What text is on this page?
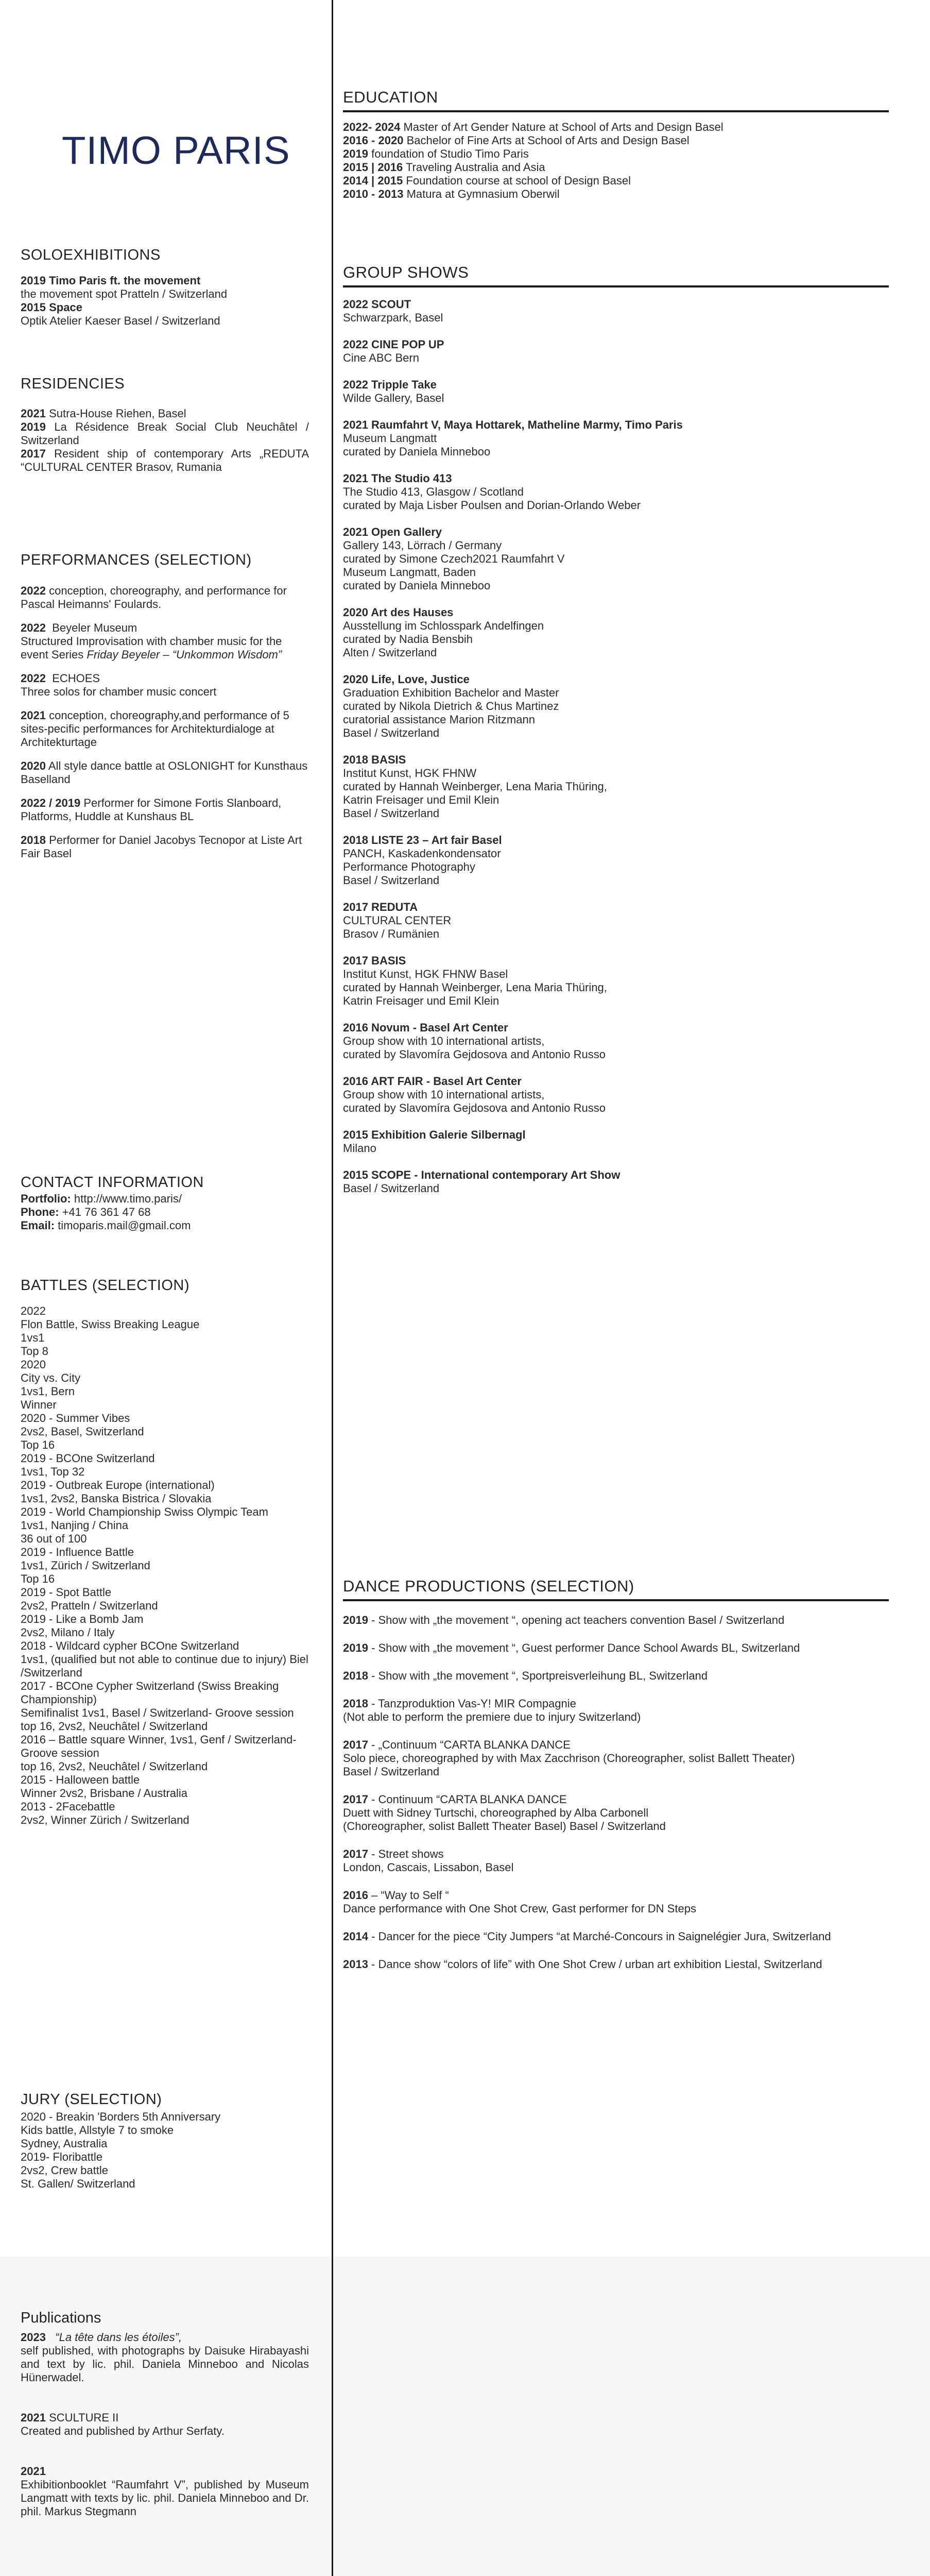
TIMO PARIS
SOLOEXHIBITIONS
2019 Timo Paris ft. the movement
the movement spot Pratteln / Switzerland
2015 Space
Optik Atelier Kaeser Basel / Switzerland
RESIDENCIES
2021 Sutra-House Riehen, Basel
2019 La Résidence Break Social Club Neuchâtel / Switzerland
2017 Resident ship of contemporary Arts „REDUTA “CULTURAL CENTER Brasov, Rumania
PERFORMANCES (SELECTION)
2022 conception, choreography, and performance for Pascal Heimanns' Foulards.
2022 Beyeler Museum
Structured Improvisation with chamber music for the event Series Friday Beyeler – “Unkommon Wisdom”
2022 ECHOES
Three solos for chamber music concert
2021 conception, choreography,and performance of 5 sites-pecific performances for Architekturdialoge at Architekturtage
2020 All style dance battle at OSLONIGHT for Kunsthaus Baselland
2022 / 2019 Performer for Simone Fortis Slanboard, Platforms, Huddle at Kunshaus BL
2018 Performer for Daniel Jacobys Tecnopor at Liste Art Fair Basel
CONTACT INFORMATION
Portfolio: http://www.timo.paris/
Phone: +41 76 361 47 68
Email: timoparis.mail@gmail.com
BATTLES (SELECTION)
2022
Flon Battle, Swiss Breaking League
1vs1
Top 8
2020
City vs. City
1vs1, Bern
Winner
2020 - Summer Vibes
2vs2, Basel, Switzerland
Top 16
2019 - BCOne Switzerland
1vs1, Top 32
2019 - Outbreak Europe (international)
1vs1, 2vs2, Banska Bistrica / Slovakia
2019 - World Championship Swiss Olympic Team
1vs1, Nanjing / China
36 out of 100
2019 - Influence Battle
1vs1, Zürich / Switzerland
Top 16
2019 - Spot Battle
2vs2, Pratteln / Switzerland
2019 - Like a Bomb Jam
2vs2, Milano / Italy
2018 - Wildcard cypher BCOne Switzerland
1vs1, (qualified but not able to continue due to injury) Biel /Switzerland
2017 - BCOne Cypher Switzerland (Swiss Breaking Championship)
Semifinalist 1vs1, Basel / Switzerland- Groove session
top 16, 2vs2, Neuchâtel / Switzerland
2016 – Battle square Winner, 1vs1, Genf / Switzerland- Groove session
top 16, 2vs2, Neuchâtel / Switzerland
2015 - Halloween battle
Winner 2vs2, Brisbane / Australia
2013 - 2Facebattle
2vs2, Winner Zürich / Switzerland
JURY (SELECTION)
2020 - Breakin 'Borders 5th Anniversary
Kids battle, Allstyle 7 to smoke
Sydney, Australia
2019- Floribattle
2vs2, Crew battle
St. Gallen/ Switzerland
Publications
2023 “La tête dans les étoiles”,
self published, with photographs by Daisuke Hirabayashi and text by lic. phil. Daniela Minneboo and Nicolas Hünerwadel.
2021 SCULTURE II
Created and published by Arthur Serfaty.
2021
Exhibitionbooklet “Raumfahrt V”, published by Museum Langmatt with texts by lic. phil. Daniela Minneboo and Dr. phil. Markus Stegmann

EDUCATION
2022- 2024 Master of Art Gender Nature at School of Arts and Design Basel
2016 - 2020 Bachelor of Fine Arts at School of Arts and Design Basel
2019 foundation of Studio Timo Paris
2015 | 2016 Traveling Australia and Asia
2014 | 2015 Foundation course at school of Design Basel
2010 - 2013 Matura at Gymnasium Oberwil
GROUP SHOWS
2022 SCOUT
Schwarzpark, Basel
2022 CINE POP UP
Cine ABC Bern
2022 Tripple Take
Wilde Gallery, Basel
2021 Raumfahrt V, Maya Hottarek, Matheline Marmy, Timo Paris
Museum Langmatt
curated by Daniela Minneboo
2021 The Studio 413
The Studio 413, Glasgow / Scotland
curated by Maja Lisber Poulsen and Dorian-Orlando Weber
2021 Open Gallery
Gallery 143, Lörrach / Germany
curated by Simone Czech2021 Raumfahrt V
Museum Langmatt, Baden
curated by Daniela Minneboo
2020 Art des Hauses
Ausstellung im Schlosspark Andelfingen
curated by Nadia Bensbih
Alten / Switzerland
2020 Life, Love, Justice
Graduation Exhibition Bachelor and Master
curated by Nikola Dietrich & Chus Martinez
curatorial assistance Marion Ritzmann
Basel / Switzerland
2018 BASIS
Institut Kunst, HGK FHNW
curated by Hannah Weinberger, Lena Maria Thüring,
Katrin Freisager und Emil Klein
Basel / Switzerland
2018 LISTE 23 – Art fair Basel
PANCH, Kaskadenkondensator
Performance Photography
Basel / Switzerland
2017 REDUTA
CULTURAL CENTER
Brasov / Rumänien
2017 BASIS
Institut Kunst, HGK FHNW Basel
curated by Hannah Weinberger, Lena Maria Thüring,
Katrin Freisager und Emil Klein
2016 Novum - Basel Art Center
Group show with 10 international artists,
curated by Slavomíra Gejdosova and Antonio Russo
2016 ART FAIR - Basel Art Center
Group show with 10 international artists,
curated by Slavomíra Gejdosova and Antonio Russo
2015 Exhibition Galerie Silbernagl
Milano
2015 SCOPE - International contemporary Art Show
Basel / Switzerland
DANCE PRODUCTIONS (SELECTION)
2019 - Show with „the movement “, opening act teachers convention Basel / Switzerland
2019 - Show with „the movement “, Guest performer Dance School Awards BL, Switzerland
2018 - Show with „the movement “, Sportpreisverleihung BL, Switzerland
2018 - Tanzproduktion Vas-Y! MIR Compagnie
(Not able to perform the premiere due to injury Switzerland)
2017 - „Continuum “CARTA BLANKA DANCE
Solo piece, choreographed by with Max Zacchrison (Choreographer, solist Ballett Theater)
Basel / Switzerland
2017 - Continuum “CARTA BLANKA DANCE
Duett with Sidney Turtschi, choreographed by Alba Carbonell
(Choreographer, solist Ballett Theater Basel) Basel / Switzerland
2017 - Street shows
London, Cascais, Lissabon, Basel
2016 – “Way to Self “
Dance performance with One Shot Crew, Gast performer for DN Steps
2014 - Dancer for the piece “City Jumpers “at Marché-Concours in Saignelégier Jura, Switzerland
2013 - Dance show “colors of life” with One Shot Crew / urban art exhibition Liestal, Switzerland
